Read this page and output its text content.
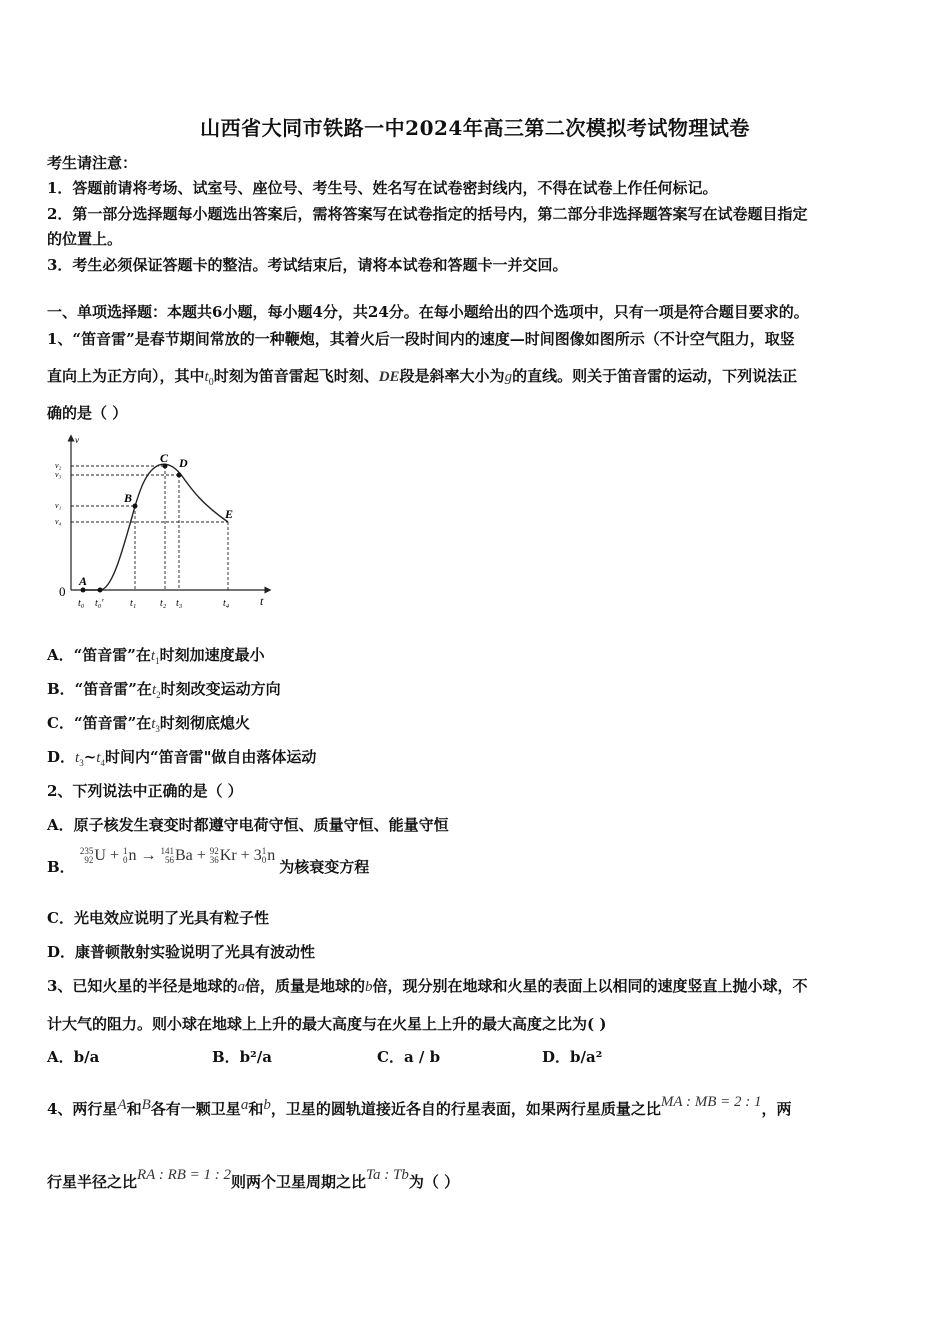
山西省大同市铁路一中2024年高三第二次模拟考试物理试卷
考生请注意：
1．答题前请将考场、试室号、座位号、考生号、姓名写在试卷密封线内，不得在试卷上作任何标记。
2．第一部分选择题每小题选出答案后，需将答案写在试卷指定的括号内，第二部分非选择题答案写在试卷题目指定
的位置上。
3．考生必须保证答题卡的整洁。考试结束后，请将本试卷和答题卡一并交回。
一、单项选择题：本题共6小题，每小题4分，共24分。在每小题给出的四个选项中，只有一项是符合题目要求的。
1、“笛音雷”是春节期间常放的一种鞭炮，其着火后一段时间内的速度—时间图像如图所示（不计空气阻力，取竖
直向上为正方向），其中$t_0$时刻为笛音雷起飞时刻、DE段是斜率大小为g的直线。则关于笛音雷的运动，下列说法正
确的是（ ）
v
t
0
A
B
C D
E
v₂
v₃
v₁
v₄
t₀ t₀′	t₁ t₂ t₃	t₄
A．“笛音雷”在$t_1$时刻加速度最小
B．“笛音雷”在$t_2$时刻改变运动方向
C．“笛音雷”在$t_3$时刻彻底熄火
D．$t_3\sim t_4$时间内“笛音雷"做自由落体运动
2、下列说法中正确的是（ ）
A．原子核发生衰变时都遵守电荷守恒、质量守恒、能量守恒
B．
235
92 U + 1
0 n → 141
56 Ba + 92
36 Kr + 3 1
0 n 为核衰变方程
C．光电效应说明了光具有粒子性
D．康普顿散射实验说明了光具有波动性
3、已知火星的半径是地球的a倍，质量是地球的b倍，现分别在地球和火星的表面上以相同的速度竖直上抛小球，不
计大气的阻力。则小球在地球上上升的最大高度与在火星上上升的最大高度之比为( )
A．b/a	B．b²/a	C．a / b	D．b/a²
4、两行星A和B各有一颗卫星a和b，卫星的圆轨道接近各自的行星表面，如果两行星质量之比MA : MB = 2 : 1，两
行星半径之比RA : RB = 1 : 2则两个卫星周期之比Ta : Tb为（ ）
